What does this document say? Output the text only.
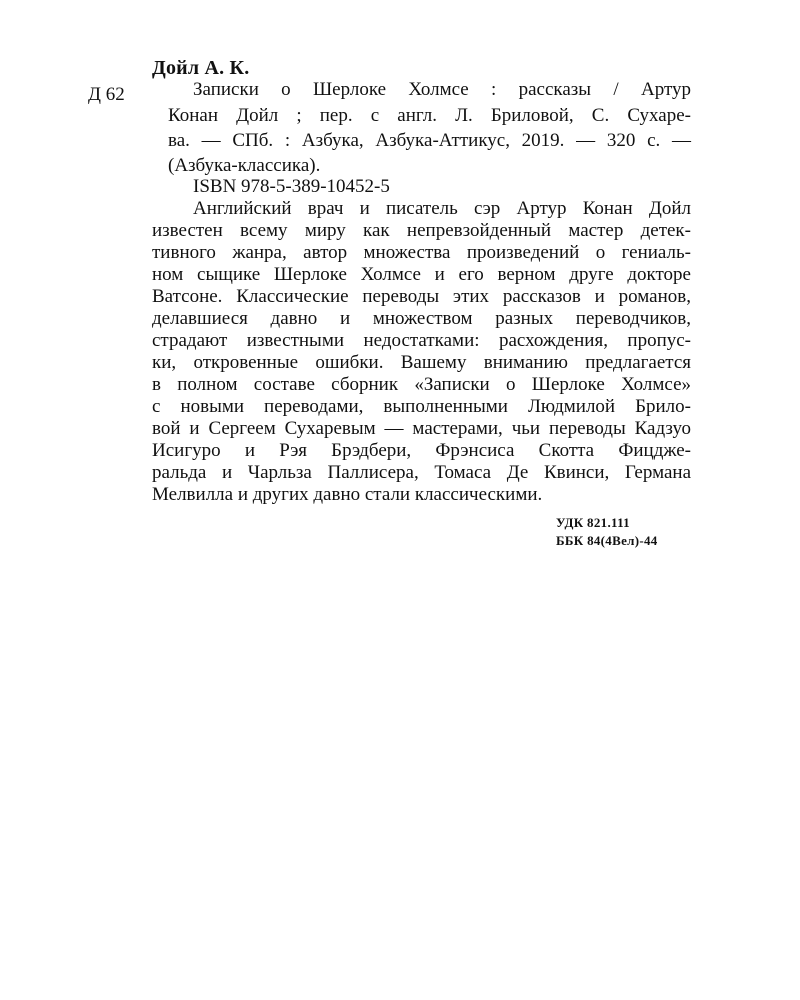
Дойл А. К.
Д 62	Записки о Шерлоке Холмсе : рассказы / Артур
Конан Дойл ; пер. с англ. Л. Бриловой, С. Сухаре-
ва. — СПб. : Азбука, Азбука-Аттикус, 2019. — 320 с. —
(Азбука-классика).
ISBN 978-5-389-10452-5
Английский врач и писатель сэр Артур Конан Дойл
известен всему миру как непревзойденный мастер детек-
тивного жанра, автор множества произведений о гениаль-
ном сыщике Шерлоке Холмсе и его верном друге докторе
Ватсоне. Классические переводы этих рассказов и романов,
делавшиеся давно и множеством разных переводчиков,
страдают известными недостатками: расхождения, пропус-
ки, откровенные ошибки. Вашему вниманию предлагается
в полном составе сборник «Записки о Шерлоке Холмсе»
с новыми переводами, выполненными Людмилой Брило-
вой и Сергеем Сухаревым — мастерами, чьи переводы Кадзуо
Исигуро и Рэя Брэдбери, Фрэнсиса Скотта Фицдже-
ральда и Чарльза Паллисера, Томаса Де Квинси, Германа
Мелвилла и других давно стали классическими.
УДК 821.111
ББК 84(4Вел)-44
